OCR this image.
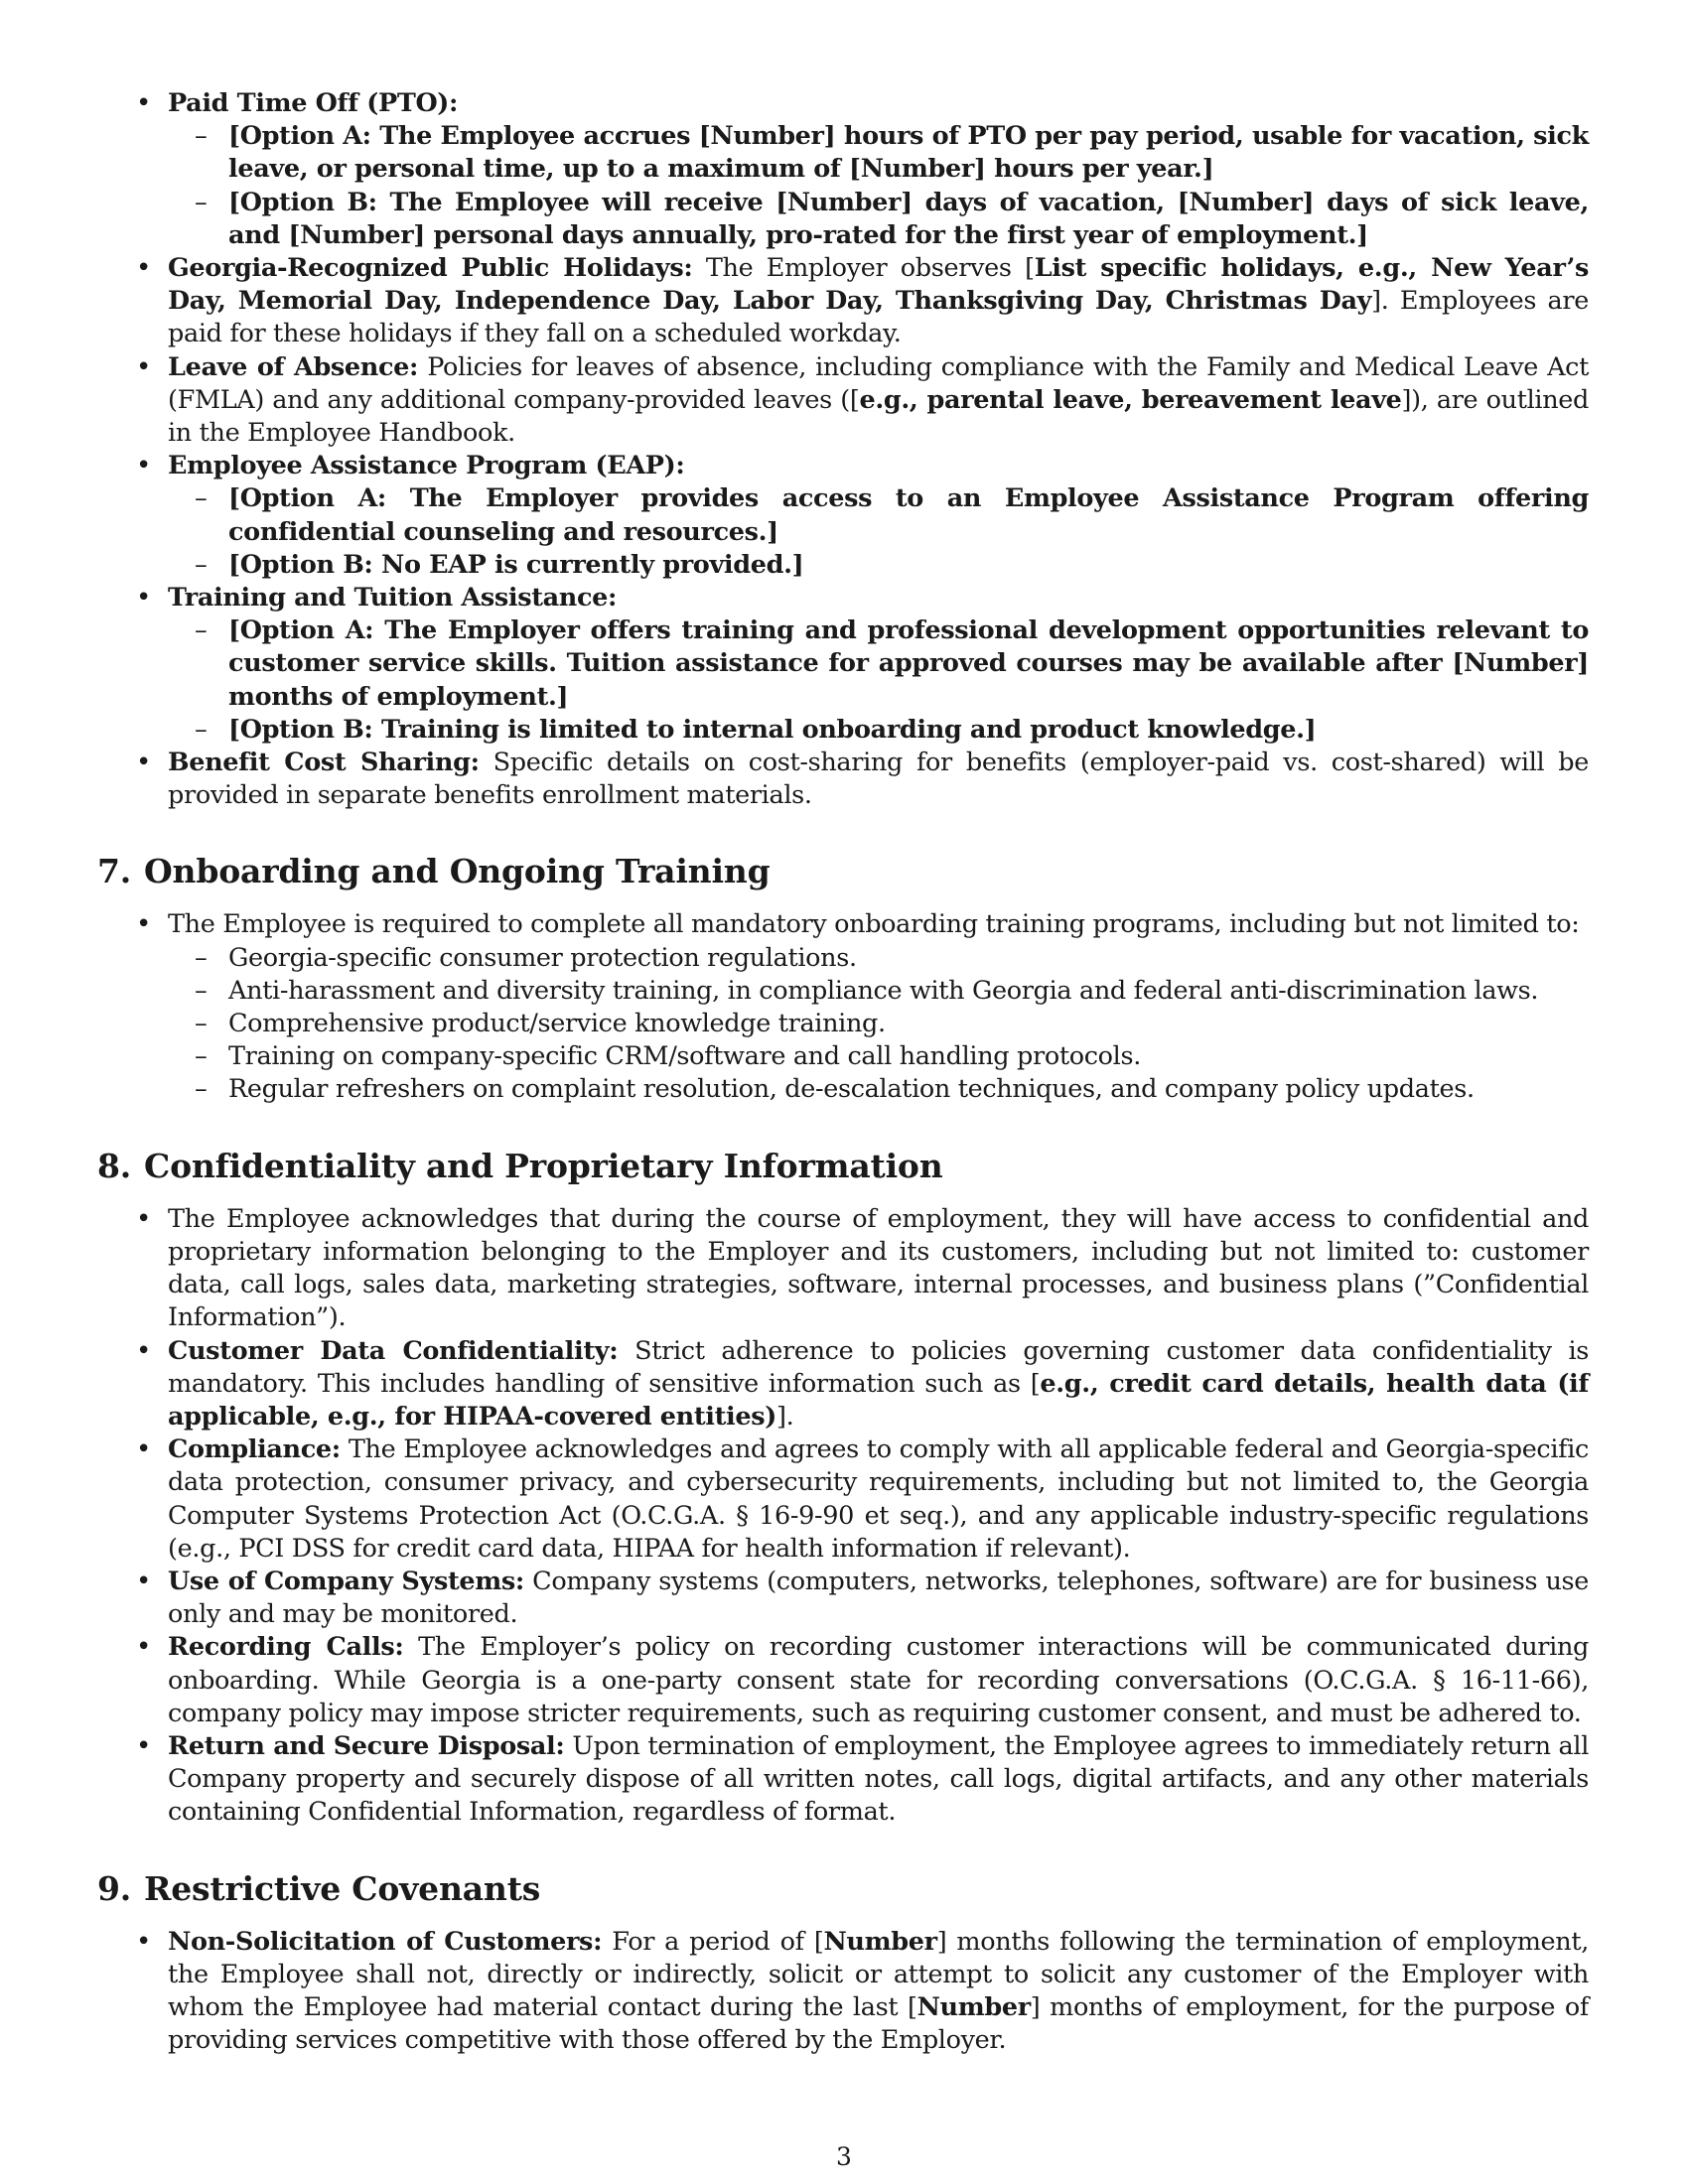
• Paid Time Off (PTO):
– [Option A: The Employee accrues [Number] hours of PTO per pay period, usable for vacation, sick leave, or personal time, up to a maximum of [Number] hours per year.]
– [Option B: The Employee will receive [Number] days of vacation, [Number] days of sick leave, and [Number] personal days annually, pro-rated for the first year of employment.]
• Georgia-Recognized Public Holidays: The Employer observes [List specific holidays, e.g., New Year’s Day, Memorial Day, Independence Day, Labor Day, Thanksgiving Day, Christmas Day]. Employees are paid for these holidays if they fall on a scheduled workday.
• Leave of Absence: Policies for leaves of absence, including compliance with the Family and Medical Leave Act (FMLA) and any additional company-provided leaves ([e.g., parental leave, bereavement leave]), are outlined in the Employee Handbook.
• Employee Assistance Program (EAP):
– [Option A: The Employer provides access to an Employee Assistance Program offering confidential counseling and resources.]
– [Option B: No EAP is currently provided.]
• Training and Tuition Assistance:
– [Option A: The Employer offers training and professional development opportunities relevant to customer service skills. Tuition assistance for approved courses may be available after [Number] months of employment.]
– [Option B: Training is limited to internal onboarding and product knowledge.]
• Benefit Cost Sharing: Specific details on cost-sharing for benefits (employer-paid vs. cost-shared) will be provided in separate benefits enrollment materials.
7. Onboarding and Ongoing Training
• The Employee is required to complete all mandatory onboarding training programs, including but not limited to:
– Georgia-specific consumer protection regulations.
– Anti-harassment and diversity training, in compliance with Georgia and federal anti-discrimination laws.
– Comprehensive product/service knowledge training.
– Training on company-specific CRM/software and call handling protocols.
– Regular refreshers on complaint resolution, de-escalation techniques, and company policy updates.
8. Confidentiality and Proprietary Information
• The Employee acknowledges that during the course of employment, they will have access to confidential and proprietary information belonging to the Employer and its customers, including but not limited to: customer data, call logs, sales data, marketing strategies, software, internal processes, and business plans (”Confidential Information”).
• Customer Data Confidentiality: Strict adherence to policies governing customer data confidentiality is mandatory. This includes handling of sensitive information such as [e.g., credit card details, health data (if applicable, e.g., for HIPAA-covered entities)].
• Compliance: The Employee acknowledges and agrees to comply with all applicable federal and Georgia-specific data protection, consumer privacy, and cybersecurity requirements, including but not limited to, the Georgia Computer Systems Protection Act (O.C.G.A. § 16-9-90 et seq.), and any applicable industry-specific regulations (e.g., PCI DSS for credit card data, HIPAA for health information if relevant).
• Use of Company Systems: Company systems (computers, networks, telephones, software) are for business use only and may be monitored.
• Recording Calls: The Employer’s policy on recording customer interactions will be communicated during onboarding. While Georgia is a one-party consent state for recording conversations (O.C.G.A. § 16-11-66), company policy may impose stricter requirements, such as requiring customer consent, and must be adhered to.
• Return and Secure Disposal: Upon termination of employment, the Employee agrees to immediately return all Company property and securely dispose of all written notes, call logs, digital artifacts, and any other materials containing Confidential Information, regardless of format.
9. Restrictive Covenants
• Non-Solicitation of Customers: For a period of [Number] months following the termination of employment, the Employee shall not, directly or indirectly, solicit or attempt to solicit any customer of the Employer with whom the Employee had material contact during the last [Number] months of employment, for the purpose of providing services competitive with those offered by the Employer.
3
